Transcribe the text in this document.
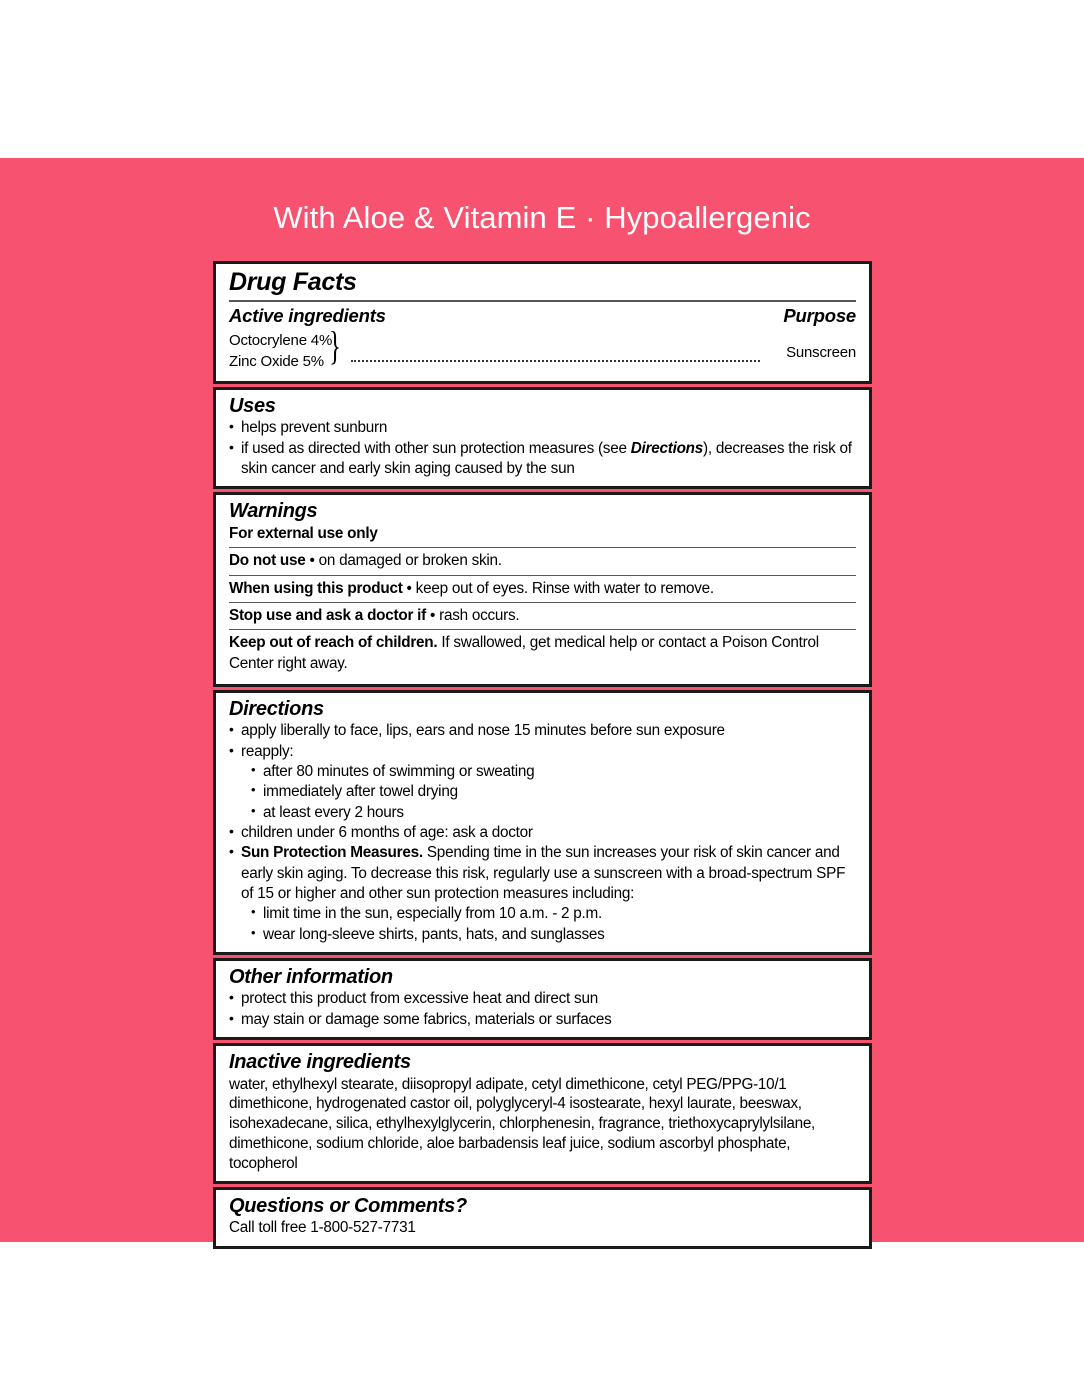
With Aloe & Vitamin E · Hypoallergenic
Drug Facts
Active ingredients	Purpose
Octocrylene 4%
Zinc Oxide 5% }	Sunscreen
Uses
• helps prevent sunburn
• if used as directed with other sun protection measures (see Directions), decreases the risk of skin cancer and early skin aging caused by the sun
Warnings
For external use only
Do not use • on damaged or broken skin.
When using this product • keep out of eyes. Rinse with water to remove.
Stop use and ask a doctor if • rash occurs.
Keep out of reach of children. If swallowed, get medical help or contact a Poison Control Center right away.
Directions
• apply liberally to face, lips, ears and nose 15 minutes before sun exposure
• reapply:
• after 80 minutes of swimming or sweating
• immediately after towel drying
• at least every 2 hours
• children under 6 months of age: ask a doctor
• Sun Protection Measures. Spending time in the sun increases your risk of skin cancer and early skin aging. To decrease this risk, regularly use a sunscreen with a broad-spectrum SPF of 15 or higher and other sun protection measures including:
• limit time in the sun, especially from 10 a.m. - 2 p.m.
• wear long-sleeve shirts, pants, hats, and sunglasses
Other information
• protect this product from excessive heat and direct sun
• may stain or damage some fabrics, materials or surfaces
Inactive ingredients
water, ethylhexyl stearate, diisopropyl adipate, cetyl dimethicone, cetyl PEG/PPG-10/1 dimethicone, hydrogenated castor oil, polyglyceryl-4 isostearate, hexyl laurate, beeswax, isohexadecane, silica, ethylhexylglycerin, chlorphenesin, fragrance, triethoxycaprylylsilane, dimethicone, sodium chloride, aloe barbadensis leaf juice, sodium ascorbyl phosphate, tocopherol
Questions or Comments?
Call toll free 1-800-527-7731
